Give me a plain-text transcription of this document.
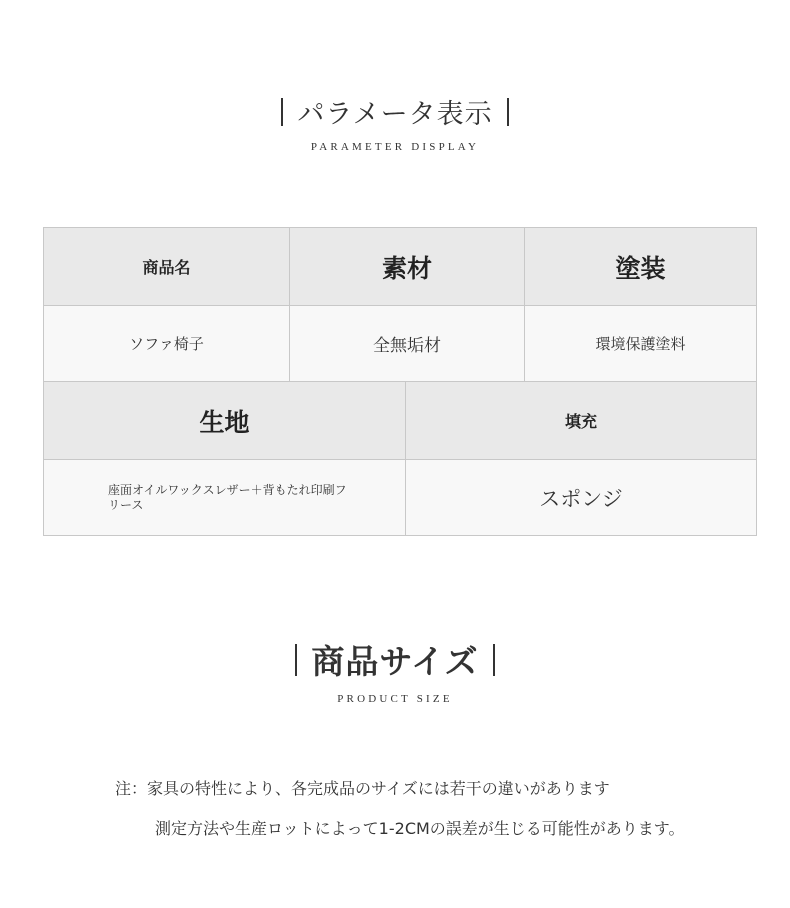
パラメータ表示
PARAMETER DISPLAY
商品名	素材	塗装
ソファ椅子	全無垢材	環境保護塗料
生地	填充
座面オイルワックスレザー＋背もたれ印刷フリース	スポンジ
商品サイズ
PRODUCT SIZE
注：家具の特性により、各完成品のサイズには若干の違いがあります
測定方法や生産ロットによって1-2CMの誤差が生じる可能性があります。
